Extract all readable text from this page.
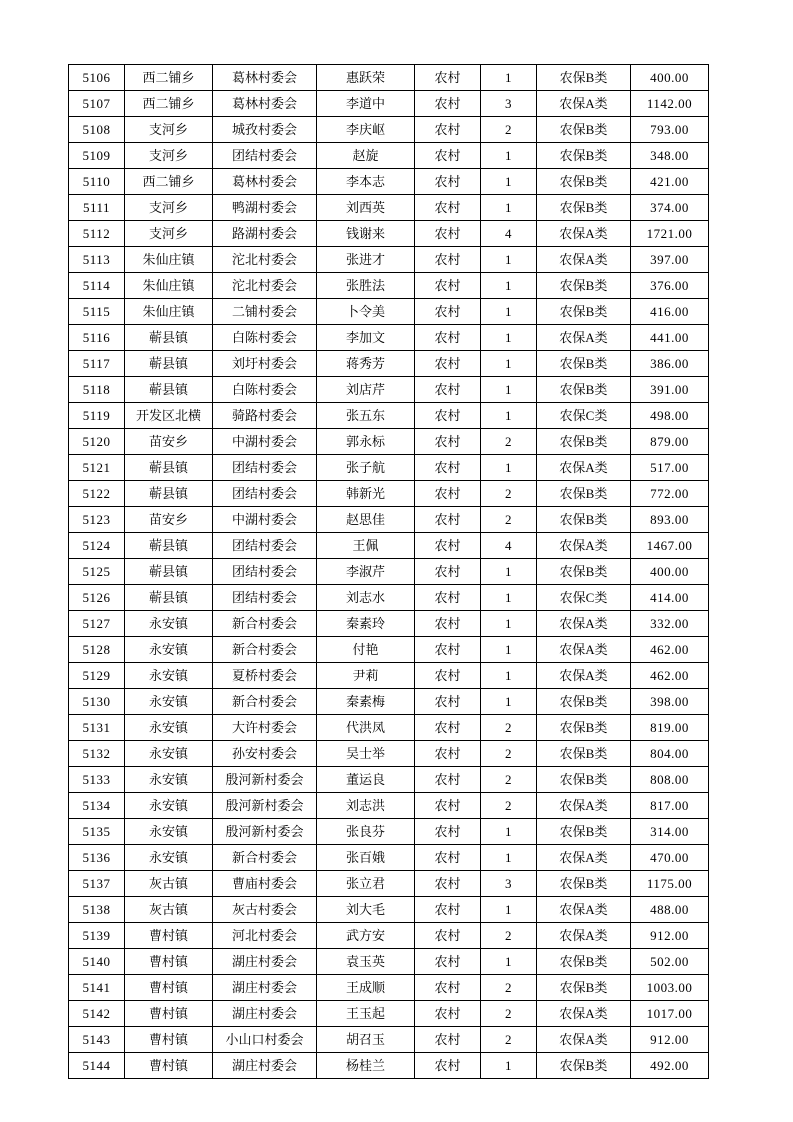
5106	西二铺乡	葛林村委会	惠跃荣	农村	1	农保B类	400.00
5107	西二铺乡	葛林村委会	李道中	农村	3	农保A类	1142.00
5108	支河乡	城孜村委会	李庆岖	农村	2	农保B类	793.00
5109	支河乡	团结村委会	赵旋	农村	1	农保B类	348.00
5110	西二铺乡	葛林村委会	李本志	农村	1	农保B类	421.00
5111	支河乡	鸭湖村委会	刘西英	农村	1	农保B类	374.00
5112	支河乡	路湖村委会	钱谢来	农村	4	农保A类	1721.00
5113	朱仙庄镇	沱北村委会	张进才	农村	1	农保A类	397.00
5114	朱仙庄镇	沱北村委会	张胜法	农村	1	农保B类	376.00
5115	朱仙庄镇	二铺村委会	卜令美	农村	1	农保B类	416.00
5116	蕲县镇	白陈村委会	李加文	农村	1	农保A类	441.00
5117	蕲县镇	刘圩村委会	蒋秀芳	农村	1	农保B类	386.00
5118	蕲县镇	白陈村委会	刘店芹	农村	1	农保B类	391.00
5119	开发区北横	骑路村委会	张五东	农村	1	农保C类	498.00
5120	苗安乡	中湖村委会	郭永标	农村	2	农保B类	879.00
5121	蕲县镇	团结村委会	张子航	农村	1	农保A类	517.00
5122	蕲县镇	团结村委会	韩新光	农村	2	农保B类	772.00
5123	苗安乡	中湖村委会	赵思佳	农村	2	农保B类	893.00
5124	蕲县镇	团结村委会	王佩	农村	4	农保A类	1467.00
5125	蕲县镇	团结村委会	李淑芹	农村	1	农保B类	400.00
5126	蕲县镇	团结村委会	刘志水	农村	1	农保C类	414.00
5127	永安镇	新合村委会	秦素玲	农村	1	农保A类	332.00
5128	永安镇	新合村委会	付艳	农村	1	农保A类	462.00
5129	永安镇	夏桥村委会	尹莉	农村	1	农保A类	462.00
5130	永安镇	新合村委会	秦素梅	农村	1	农保B类	398.00
5131	永安镇	大许村委会	代洪凤	农村	2	农保B类	819.00
5132	永安镇	孙安村委会	吴士举	农村	2	农保B类	804.00
5133	永安镇	殷河新村委会	董运良	农村	2	农保B类	808.00
5134	永安镇	殷河新村委会	刘志洪	农村	2	农保A类	817.00
5135	永安镇	殷河新村委会	张良芬	农村	1	农保B类	314.00
5136	永安镇	新合村委会	张百娥	农村	1	农保A类	470.00
5137	灰古镇	曹庙村委会	张立君	农村	3	农保B类	1175.00
5138	灰古镇	灰古村委会	刘大毛	农村	1	农保A类	488.00
5139	曹村镇	河北村委会	武方安	农村	2	农保A类	912.00
5140	曹村镇	湖庄村委会	袁玉英	农村	1	农保B类	502.00
5141	曹村镇	湖庄村委会	王成顺	农村	2	农保B类	1003.00
5142	曹村镇	湖庄村委会	王玉起	农村	2	农保A类	1017.00
5143	曹村镇	小山口村委会	胡召玉	农村	2	农保A类	912.00
5144	曹村镇	湖庄村委会	杨桂兰	农村	1	农保B类	492.00
